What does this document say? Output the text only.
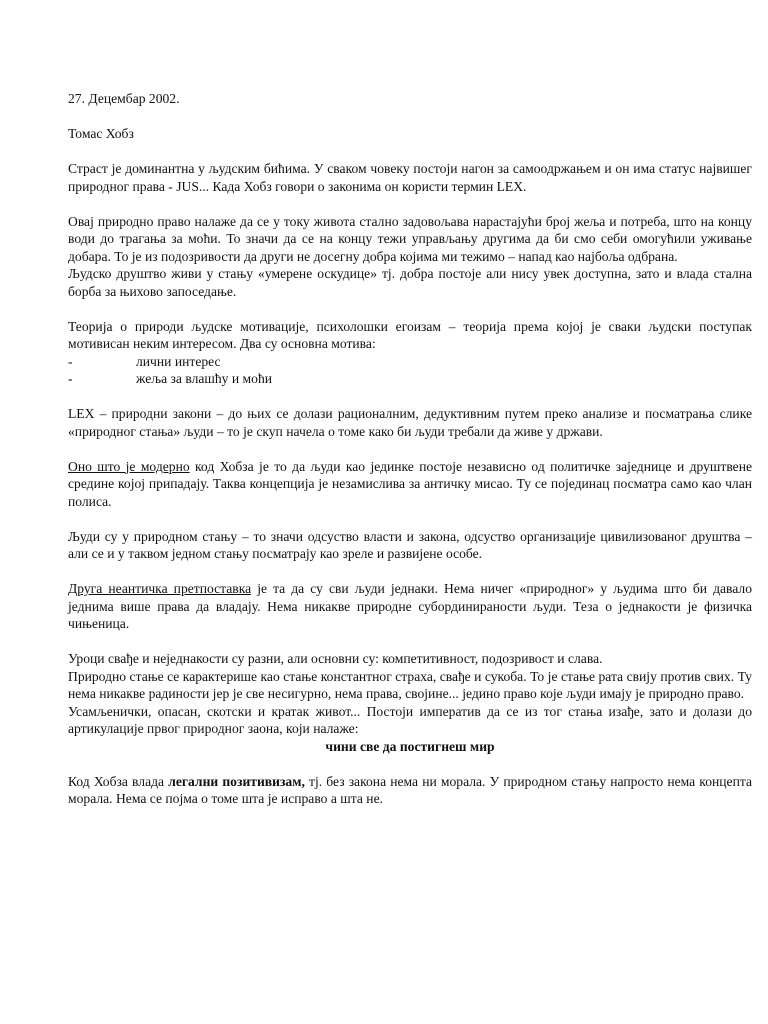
27. Децембар 2002.

Томас Хобз

Страст је доминантна у људским бићима. У сваком човеку постоји нагон за самоодржањем и он има статус највишег природног права - JUS... Када Хобз говори о законима он користи термин LEX.

Овај природно право налаже да се у току живота стално задовољава нарастајући број жеља и потреба, што на концу води до трагања за моћи. То значи да се на концу тежи управљању другима да би смо себи омогућили уживање добара. То је из подозривости да други не досегну добра којима ми тежимо – напад као најбоља одбрана.

Људско друштво живи у стању «умерене оскудице» тј. добра постоје али нису увек доступна, зато и влада стална борба за њихово запоседање.

Теорија о природи људске мотивације, психолошки егоизам – теорија према којој је сваки људски поступак мотивисан неким интересом. Два су основна мотива:

-	лични интерес
-	жеља за влашћу и моћи

LEX – природни закони – до њих се долази рационалним, дедуктивним путем преко анализе и посматрања слике «природног стања» људи – то је скуп начела о томе како би људи требали да живе у држави.

Оно што је модерно код Хобза је то да људи као јединке постоје независно од политичке заједнице и друштвене средине којој припадају. Таква концепција је незамислива за античку мисао. Ту се појединац посматра само као члан полиса.

Људи су у природном стању – то значи одсуство власти и закона, одсуство организације цивилизованог друштва – али се и у таквом једном стању посматрају као зреле и развијене особе.

Друга неантичка претпоставка је та да су сви људи једнаки. Нема ничег «природног» у људима што би давало једнима више права да владају. Нема никакве природне субординираности људи. Теза о једнакости је физичка чињеница.

Уроци свађе и неједнакости су разни, али основни су: компетитивност, подозривост и слава.

Природно стање се карактерише као стање константног страха, свађе и сукоба. То је стање рата свију против свих. Ту нема никакве радиности јер је све несигурно, нема права, својине... једино право које људи имају је природно право.

Усамљенички, опасан, скотски и кратак живот... Постоји императив да се из тог стања изађе, зато и долази до артикулације првог природног заона, који налаже:

чини све да постигнеш мир

Код Хобза влада легални позитивизам, тј. без закона нема ни морала. У природном стању напросто нема концепта морала. Нема се појма о томе шта је исправо а шта не.
